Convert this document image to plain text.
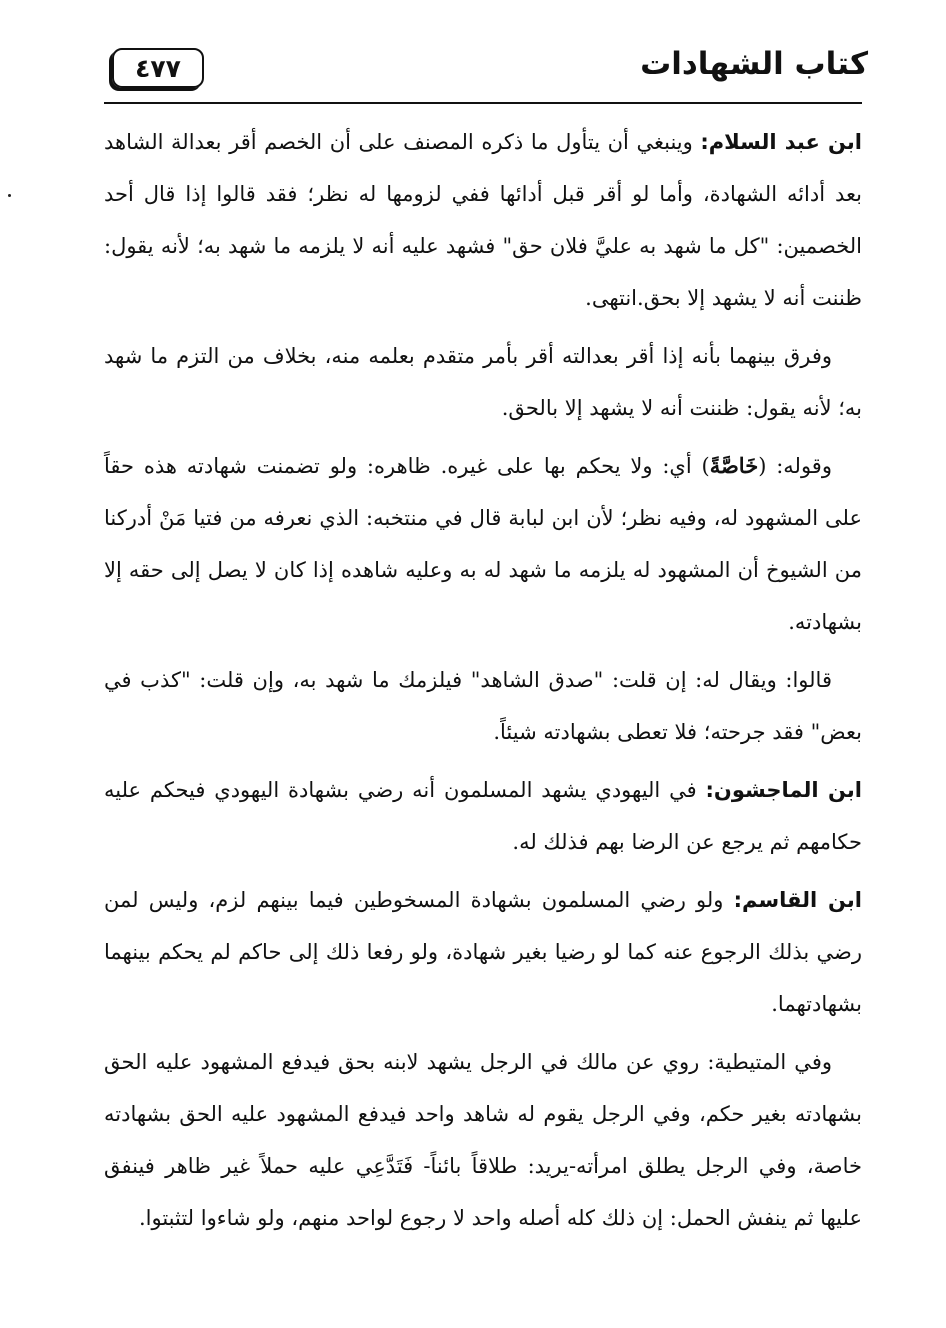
٤٧٧	كتاب الشهادات

ابن عبد السلام: وينبغي أن يتأول ما ذكره المصنف على أن الخصم أقر بعدالة الشاهد بعد أدائه الشهادة، وأما لو أقر قبل أدائها ففي لزومها له نظر؛ فقد قالوا إذا قال أحد الخصمين: "كل ما شهد به عليَّ فلان حق" فشهد عليه أنه لا يلزمه ما شهد به؛ لأنه يقول: ظننت أنه لا يشهد إلا بحق.انتهى.

وفرق بينهما بأنه إذا أقر بعدالته أقر بأمر متقدم بعلمه منه، بخلاف من التزم ما شهد به؛ لأنه يقول: ظننت أنه لا يشهد إلا بالحق.

وقوله: (خَاصَّةً) أي: ولا يحكم بها على غيره. ظاهره: ولو تضمنت شهادته هذه حقاً على المشهود له، وفيه نظر؛ لأن ابن لبابة قال في منتخبه: الذي نعرفه من فتيا مَنْ أدركنا من الشيوخ أن المشهود له يلزمه ما شهد له به وعليه شاهده إذا كان لا يصل إلى حقه إلا بشهادته.

قالوا: ويقال له: إن قلت: "صدق الشاهد" فيلزمك ما شهد به، وإن قلت: "كذب في بعض" فقد جرحته؛ فلا تعطى بشهادته شيئاً.

ابن الماجشون: في اليهودي يشهد المسلمون أنه رضي بشهادة اليهودي فيحكم عليه حكامهم ثم يرجع عن الرضا بهم فذلك له.

ابن القاسم: ولو رضي المسلمون بشهادة المسخوطين فيما بينهم لزم، وليس لمن رضي بذلك الرجوع عنه كما لو رضيا بغير شهادة، ولو رفعا ذلك إلى حاكم لم يحكم بينهما بشهادتهما.

وفي المتيطية: روي عن مالك في الرجل يشهد لابنه بحق فيدفع المشهود عليه الحق بشهادته بغير حكم، وفي الرجل يقوم له شاهد واحد فيدفع المشهود عليه الحق بشهادته خاصة، وفي الرجل يطلق امرأته-يريد: طلاقاً بائناً- فَتَدَّعِي عليه حملاً غير ظاهر فينفق عليها ثم ينفش الحمل: إن ذلك كله أصله واحد لا رجوع لواحد منهم، ولو شاءوا لتثبتوا.
